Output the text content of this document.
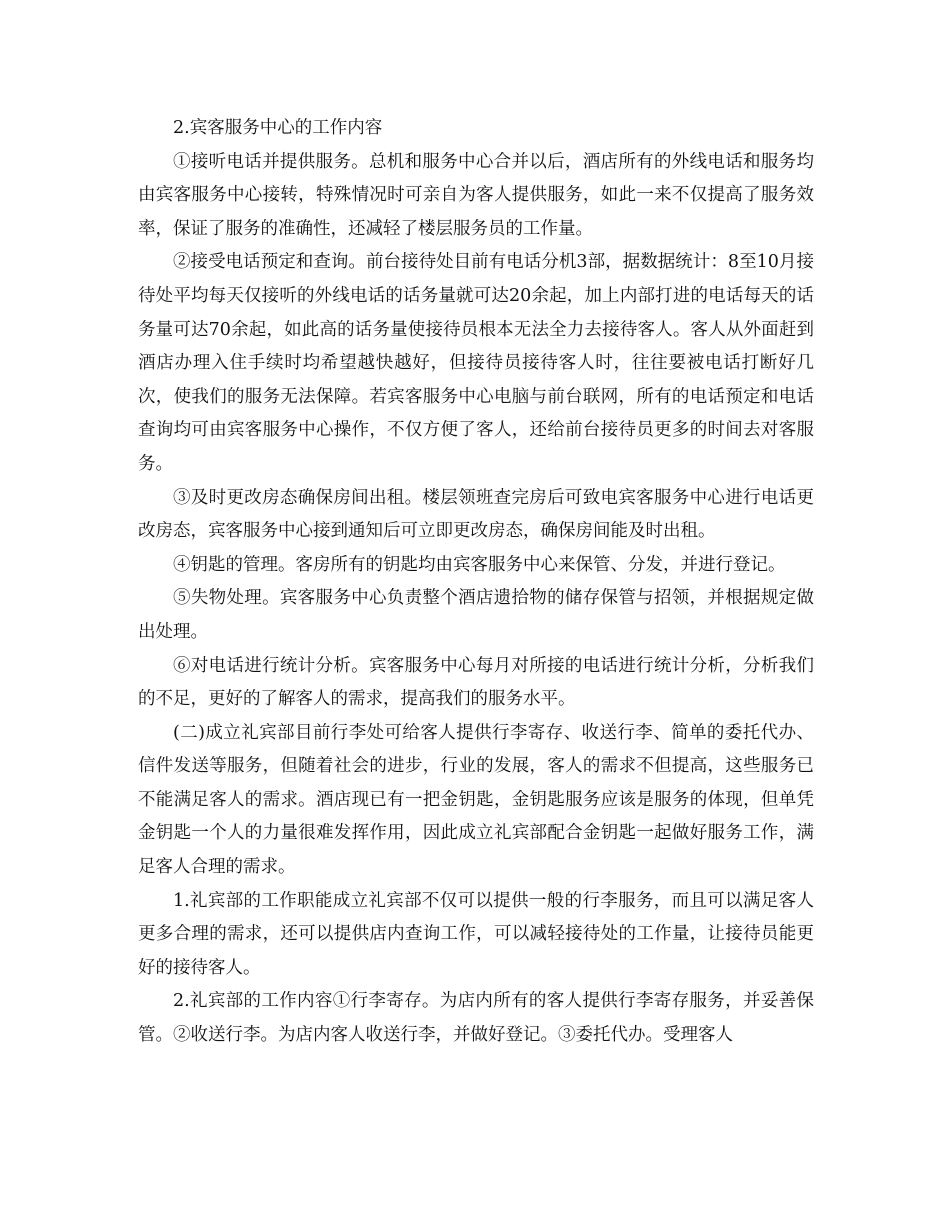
2.宾客服务中心的工作内容

①接听电话并提供服务。总机和服务中心合并以后，酒店所有的外线电话和服务均由宾客服务中心接转，特殊情况时可亲自为客人提供服务，如此一来不仅提高了服务效率，保证了服务的准确性，还减轻了楼层服务员的工作量。

②接受电话预定和查询。前台接待处目前有电话分机3部，据数据统计：8至10月接待处平均每天仅接听的外线电话的话务量就可达20余起，加上内部打进的电话每天的话务量可达70余起，如此高的话务量使接待员根本无法全力去接待客人。客人从外面赶到酒店办理入住手续时均希望越快越好，但接待员接待客人时，往往要被电话打断好几次，使我们的服务无法保障。若宾客服务中心电脑与前台联网，所有的电话预定和电话查询均可由宾客服务中心操作，不仅方便了客人，还给前台接待员更多的时间去对客服务。

③及时更改房态确保房间出租。楼层领班查完房后可致电宾客服务中心进行电话更改房态，宾客服务中心接到通知后可立即更改房态，确保房间能及时出租。

④钥匙的管理。客房所有的钥匙均由宾客服务中心来保管、分发，并进行登记。

⑤失物处理。宾客服务中心负责整个酒店遗拾物的储存保管与招领，并根据规定做出处理。

⑥对电话进行统计分析。宾客服务中心每月对所接的电话进行统计分析，分析我们的不足，更好的了解客人的需求，提高我们的服务水平。

(二)成立礼宾部目前行李处可给客人提供行李寄存、收送行李、简单的委托代办、信件发送等服务，但随着社会的进步，行业的发展，客人的需求不但提高，这些服务已不能满足客人的需求。酒店现已有一把金钥匙，金钥匙服务应该是服务的体现，但单凭金钥匙一个人的力量很难发挥作用，因此成立礼宾部配合金钥匙一起做好服务工作，满足客人合理的需求。

1.礼宾部的工作职能成立礼宾部不仅可以提供一般的行李服务，而且可以满足客人更多合理的需求，还可以提供店内查询工作，可以减轻接待处的工作量，让接待员能更好的接待客人。

2.礼宾部的工作内容①行李寄存。为店内所有的客人提供行李寄存服务，并妥善保管。②收送行李。为店内客人收送行李，并做好登记。③委托代办。受理客人
